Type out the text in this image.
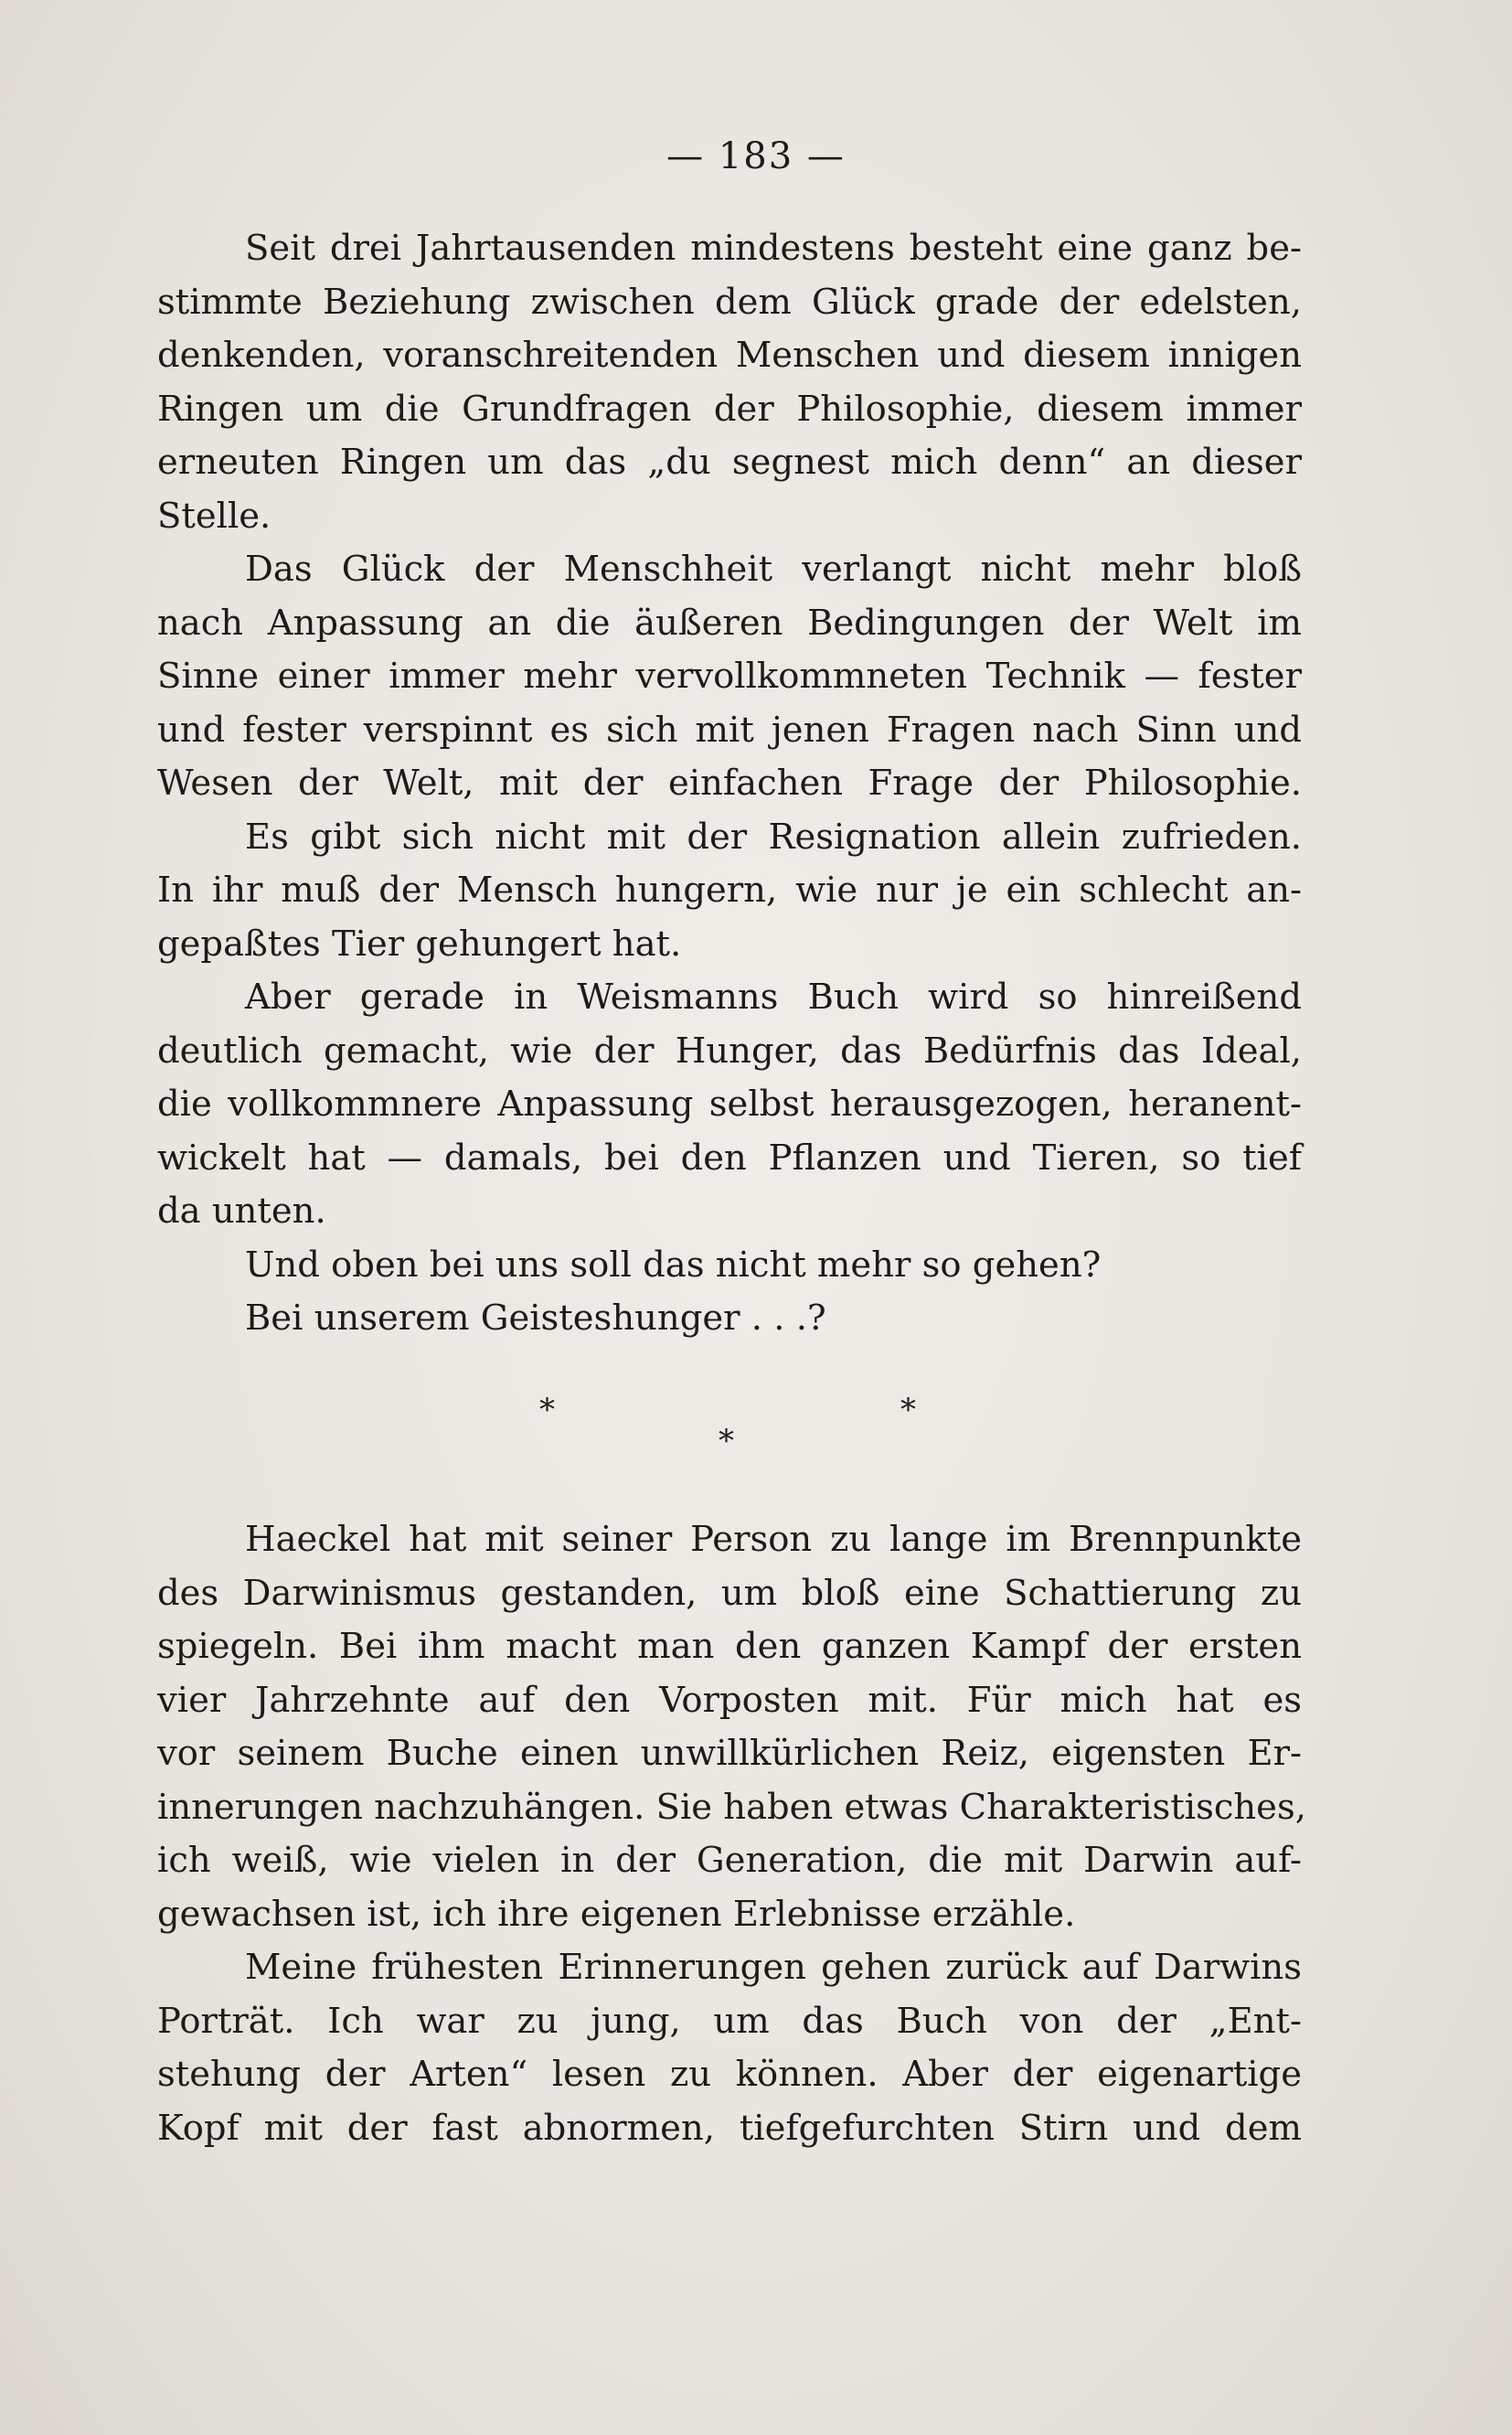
— 183 —
Seit drei Jahrtausenden mindestens besteht eine ganz be-
stimmte Beziehung zwischen dem Glück grade der edelsten,
denkenden, voranschreitenden Menschen und diesem innigen
Ringen um die Grundfragen der Philosophie, diesem immer
erneuten Ringen um das „du segnest mich denn“ an dieser
Stelle.
Das Glück der Menschheit verlangt nicht mehr bloß
nach Anpassung an die äußeren Bedingungen der Welt im
Sinne einer immer mehr vervollkommneten Technik — fester
und fester verspinnt es sich mit jenen Fragen nach Sinn und
Wesen der Welt, mit der einfachen Frage der Philosophie.
Es gibt sich nicht mit der Resignation allein zufrieden.
In ihr muß der Mensch hungern, wie nur je ein schlecht an-
gepaßtes Tier gehungert hat.
Aber gerade in Weismanns Buch wird so hinreißend
deutlich gemacht, wie der Hunger, das Bedürfnis das Ideal,
die vollkommnere Anpassung selbst herausgezogen, heranent-
wickelt hat — damals, bei den Pflanzen und Tieren, so tief
da unten.
Und oben bei uns soll das nicht mehr so gehen?
Bei unserem Geisteshunger . . .?
*
*
*
Haeckel hat mit seiner Person zu lange im Brennpunkte
des Darwinismus gestanden, um bloß eine Schattierung zu
spiegeln. Bei ihm macht man den ganzen Kampf der ersten
vier Jahrzehnte auf den Vorposten mit. Für mich hat es
vor seinem Buche einen unwillkürlichen Reiz, eigensten Er-
innerungen nachzuhängen. Sie haben etwas Charakteristisches,
ich weiß, wie vielen in der Generation, die mit Darwin auf-
gewachsen ist, ich ihre eigenen Erlebnisse erzähle.
Meine frühesten Erinnerungen gehen zurück auf Darwins
Porträt. Ich war zu jung, um das Buch von der „Ent-
stehung der Arten“ lesen zu können. Aber der eigenartige
Kopf mit der fast abnormen, tiefgefurchten Stirn und dem
